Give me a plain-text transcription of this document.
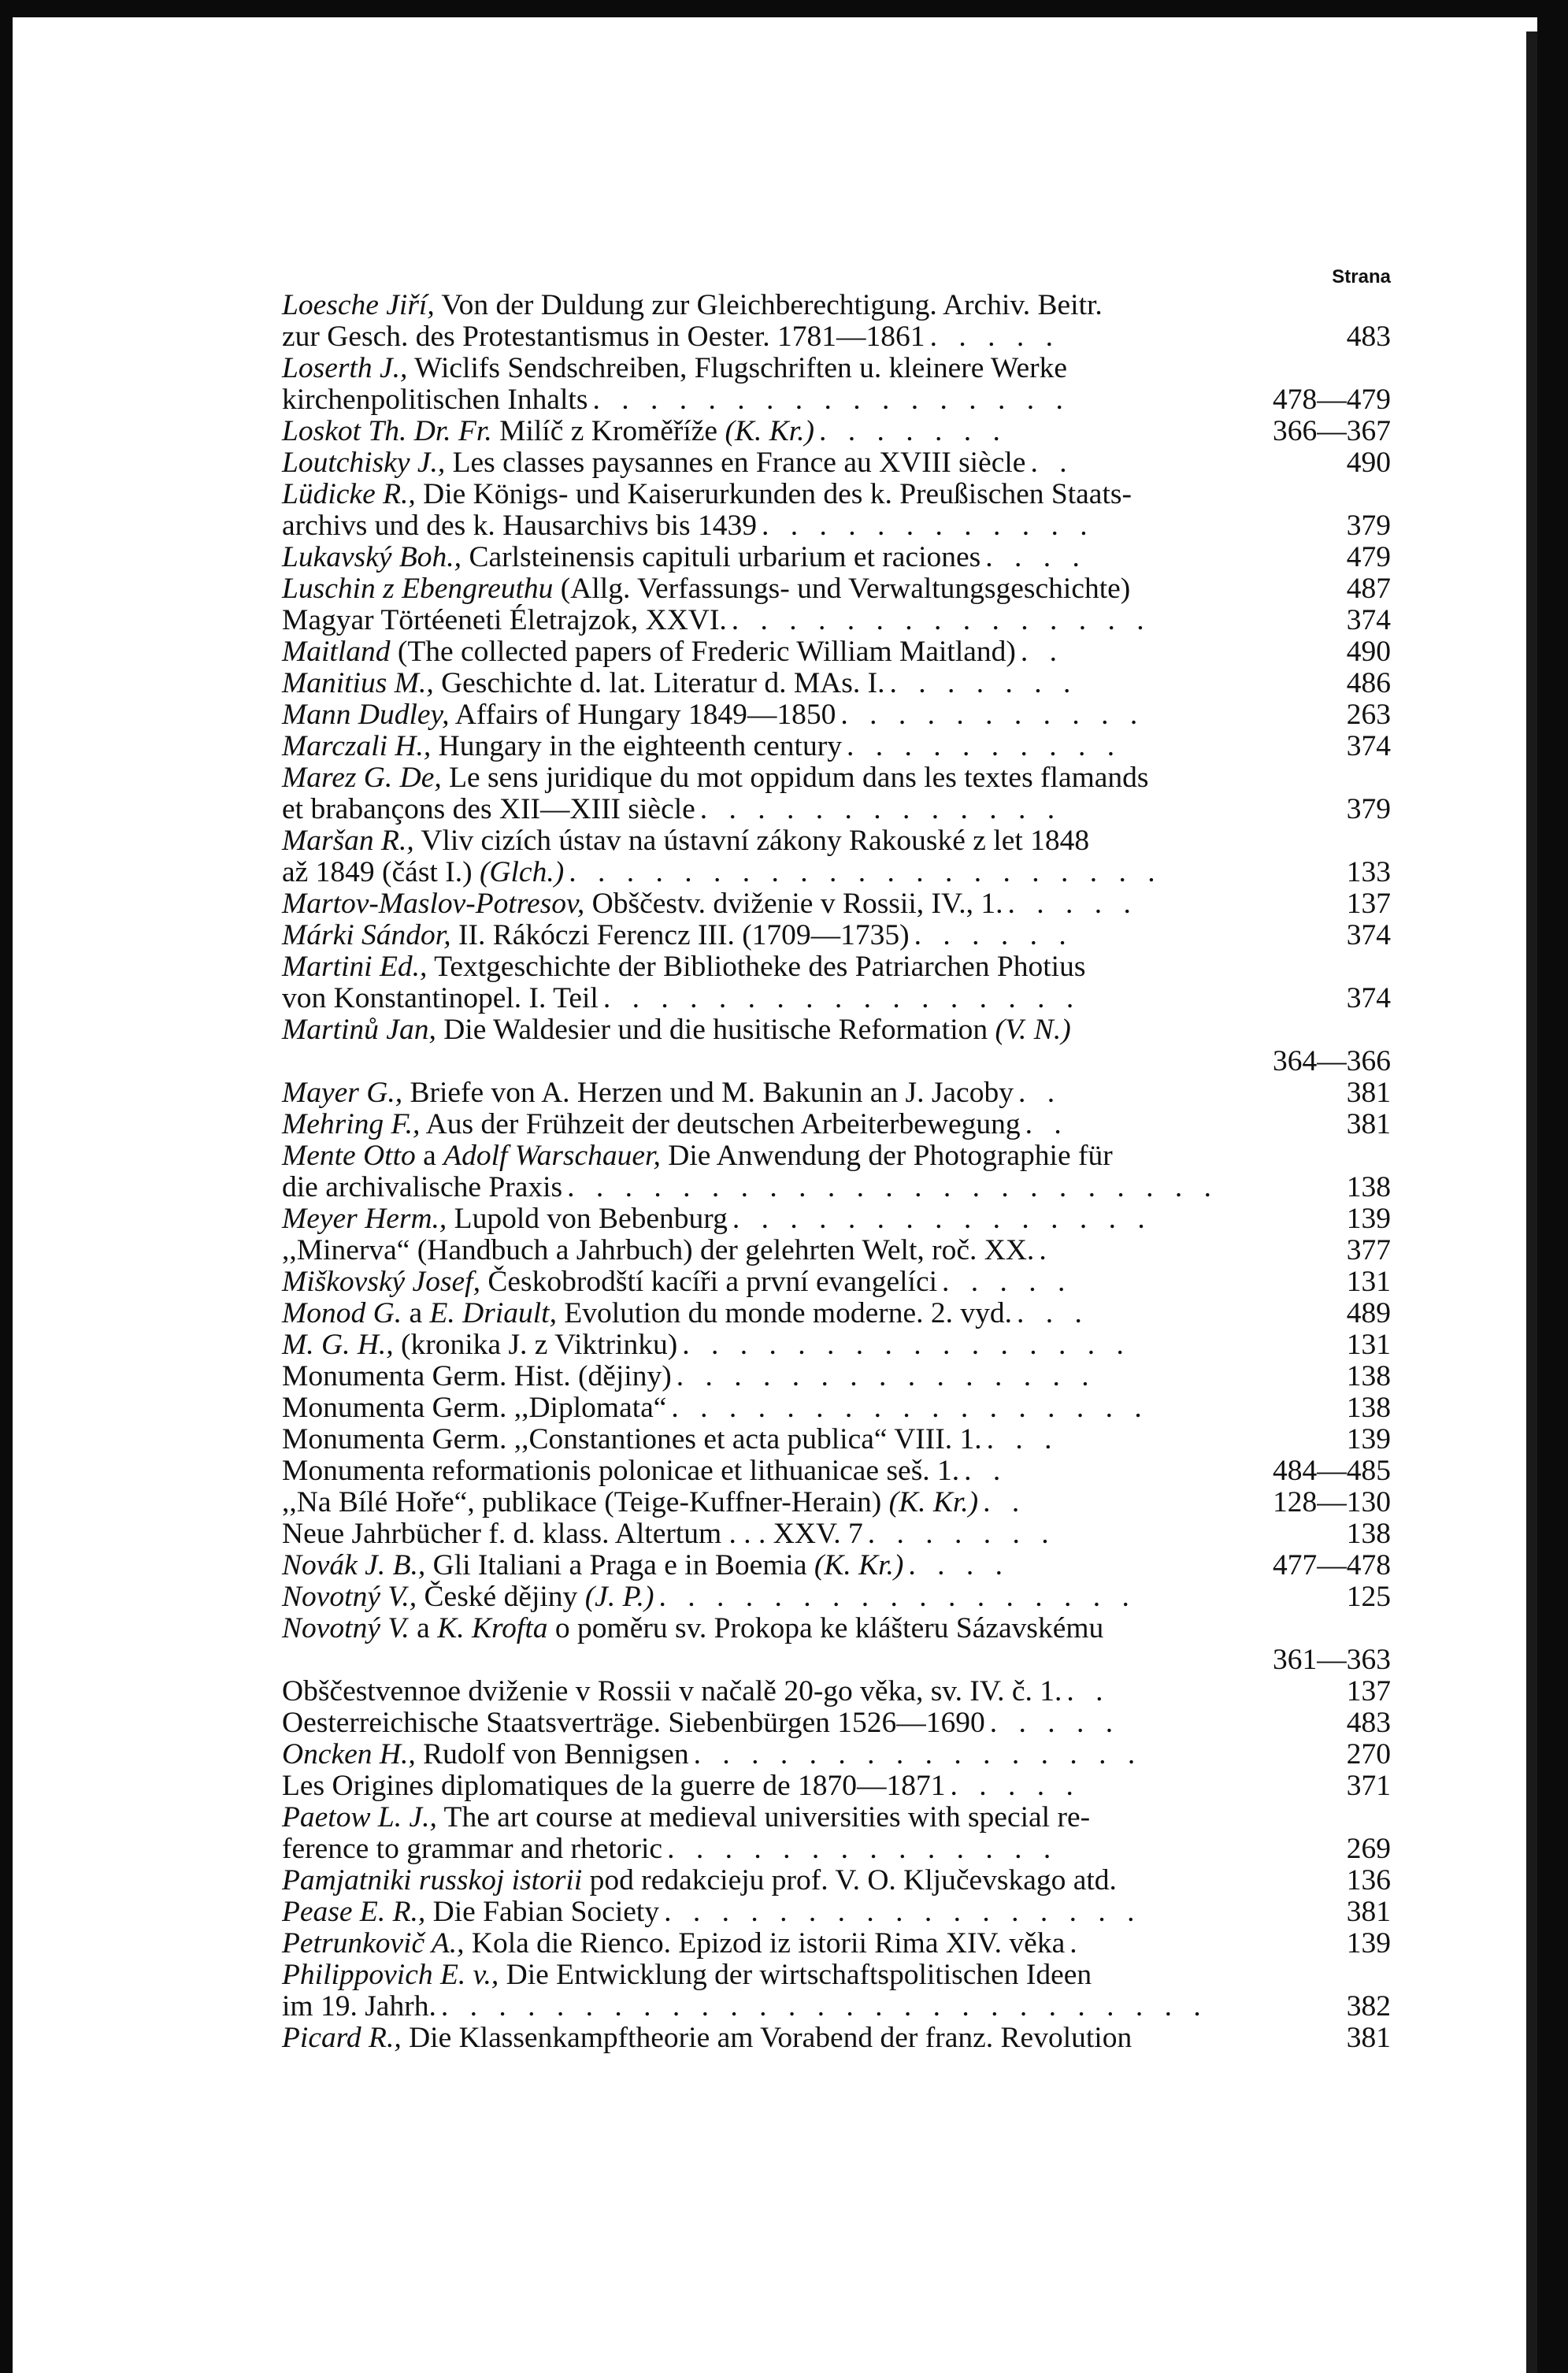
Strana
Loesche Jiří, Von der Duldung zur Gleichberechtigung. Archiv. Beitr.
zur Gesch. des Protestantismus in Oester. 1781—1861 . . . . .	483
Loserth J., Wiclifs Sendschreiben, Flugschriften u. kleinere Werke
kirchenpolitischen Inhalts . . . . . . . . . . . . . . . . .	478—479
Loskot Th. Dr. Fr. Milíč z Kroměříže (K. Kr.) . . . . . . .	366—367
Loutchisky J., Les classes paysannes en France au XVIII siècle . .	490
Lüdicke R., Die Königs- und Kaiserurkunden des k. Preußischen Staats-
archivs und des k. Hausarchivs bis 1439 . . . . . . . . . . . .	379
Lukavský Boh., Carlsteinensis capituli urbarium et raciones . . . .	479
Luschin z Ebengreuthu (Allg. Verfassungs- und Verwaltungsgeschichte)	487
Magyar Törtéeneti Életrajzok, XXVI. . . . . . . . . . . . . . . .	374
Maitland (The collected papers of Frederic William Maitland) . .	490
Manitius M., Geschichte d. lat. Literatur d. MAs. I. . . . . . . .	486
Mann Dudley, Affairs of Hungary 1849—1850 . . . . . . . . . . .	263
Marczali H., Hungary in the eighteenth century . . . . . . . . . .	374
Marez G. De, Le sens juridique du mot oppidum dans les textes flamands
et brabançons des XII—XIII siècle . . . . . . . . . . . . .	379
Maršan R., Vliv cizích ústav na ústavní zákony Rakouské z let 1848
až 1849 (část I.) (Glch.) . . . . . . . . . . . . . . . . . . . . .	133
Martov-Maslov-Potresov, Obščestv. dviženie v Rossii, IV., 1. . . . . .	137
Márki Sándor, II. Rákóczi Ferencz III. (1709—1735) . . . . . .	374
Martini Ed., Textgeschichte der Bibliotheke des Patriarchen Photius
von Konstantinopel. I. Teil . . . . . . . . . . . . . . . . .	374
Martinů Jan, Die Waldesier und die husitische Reformation (V. N.)
364—366
Mayer G., Briefe von A. Herzen und M. Bakunin an J. Jacoby . .	381
Mehring F., Aus der Frühzeit der deutschen Arbeiterbewegung . .	381
Mente Otto a Adolf Warschauer, Die Anwendung der Photographie für
die archivalische Praxis . . . . . . . . . . . . . . . . . . . . . . .	138
Meyer Herm., Lupold von Bebenburg . . . . . . . . . . . . . . .	139
,,Minerva“ (Handbuch a Jahrbuch) der gelehrten Welt, roč. XX. .	377
Miškovský Josef, Českobrodští kacíři a první evangelíci . . . . .	131
Monod G. a E. Driault, Evolution du monde moderne. 2. vyd. . . .	489
M. G. H., (kronika J. z Viktrinku) . . . . . . . . . . . . . . . .	131
Monumenta Germ. Hist. (dějiny) . . . . . . . . . . . . . . .	138
Monumenta Germ. ,,Diplomata“ . . . . . . . . . . . . . . . . .	138
Monumenta Germ. ,,Constantiones et acta publica“ VIII. 1. . . .	139
Monumenta reformationis polonicae et lithuanicae seš. 1. . .	484—485
,,Na Bílé Hoře“, publikace (Teige-Kuffner-Herain) (K. Kr.) . .	128—130
Neue Jahrbücher f. d. klass. Altertum . . . XXV. 7 . . . . . . .	138
Novák J. B., Gli Italiani a Praga e in Boemia (K. Kr.) . . . .	477—478
Novotný V., České dějiny (J. P.) . . . . . . . . . . . . . . . . .	125
Novotný V. a K. Krofta o poměru sv. Prokopa ke klášteru Sázavskému
361—363
Obščestvennoe dviženie v Rossii v načalě 20-go věka, sv. IV. č. 1. . .	137
Oesterreichische Staatsverträge. Siebenbürgen 1526—1690 . . . . .	483
Oncken H., Rudolf von Bennigsen . . . . . . . . . . . . . . . .	270
Les Origines diplomatiques de la guerre de 1870—1871 . . . . .	371
Paetow L. J., The art course at medieval universities with special re-
ference to grammar and rhetoric . . . . . . . . . . . . . .	269
Pamjatniki russkoj istorii pod redakcieju prof. V. O. Ključevskago atd.	136
Pease E. R., Die Fabian Society . . . . . . . . . . . . . . . . .	381
Petrunkovič A., Kola die Rienco. Epizod iz istorii Rima XIV. věka .	139
Philippovich E. v., Die Entwicklung der wirtschaftspolitischen Ideen
im 19. Jahrh. . . . . . . . . . . . . . . . . . . . . . . . . . . .	382
Picard R., Die Klassenkampftheorie am Vorabend der franz. Revolution	381
